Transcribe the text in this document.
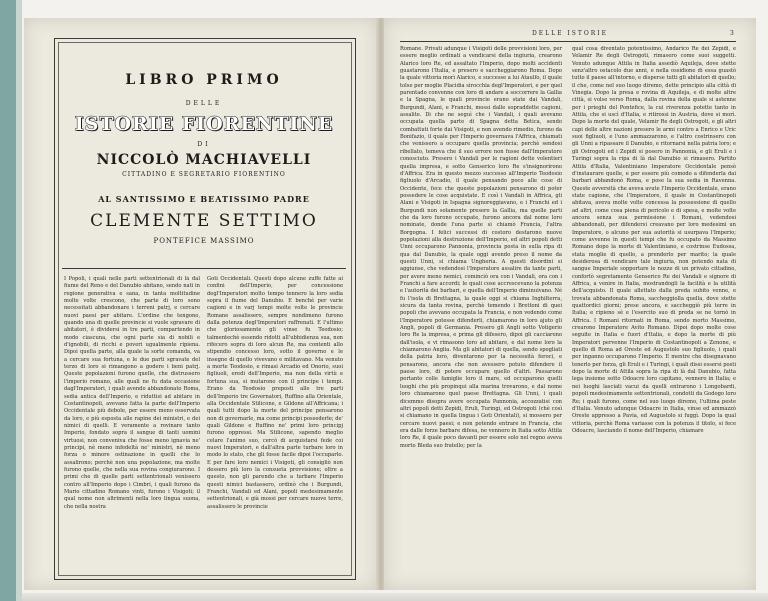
LIBRO PRIMO
DELLE
ISTORIE FIORENTINE
DI
NICCOLÒ MACHIAVELLI
CITTADINO E SEGRETARIO FIORENTINO
AL SANTISSIMO E BEATISSIMO PADRE
CLEMENTE SETTIMO
PONTEFICE MASSIMO

I Popoli, i quali nelle parti settentrionali di là dal fiume del Reno e del Danubio abitano, sendo nati in regione generativa e sana, in tanta moltitudine molte volte crescono, che parte di loro sono necessitati abbandonare i terreni patrj, e cercare nuovi paesi per abitare. L'ordine che tengono, quando una di quelle provincie si vuole sgravare di abitatori, è dividersi in tre parti, compartendo in modo ciascuna, che ogni parte sia di nobili e d'ignobili, di ricchi e poveri ugualmente ripiena. Dipoi quella parte, alla quale la sorte comanda, va a cercare sua fortuna, e le due parti sgravate del terzo di loro si rimangono a godere i beni patrj. Queste popolazioni furono quelle, che distrussero l'imperio romano, alle quali ne fu data occasione dagl'Imperatori, i quali avendo abbandonato Roma, sedia antica dell'Imperio, e riduttisi ad abitare in Costantinopoli, avevano fatta la parte dell'Imperio Occidentale più debole, per essere meno osservata da loro, e più esposta alle rapine dei ministri, e dei nimici di quelli. E veramente a rovinare tanto Imperio, fondato sopra il sangue di tanti uomini virtuosi, non conveniva che fosse meno ignavia ne' principi, nè meno infedeltà ne' ministri, nè meno forza o minore ostinazione in quelli che lo assalirono; perchè non una popolazione, ma molte furono quelle, che nella sua rovina congiurarono. I primi che di quelle parti settentrionali venissero contro all'Imperio dopo i Cimbri, i quali furono da Mario cittadino Romano vinti, furono i Visigoti; il qual nome non altrimenti nella loro lingua suona, che nella nostra

Goti Occidentali. Questi dopo alcune zuffe fatte ai confini dell'Imperio, per concessione degl'Imperatori molto tempo tennero la loro sedia sopra il fiume del Danubio. E benchè per varie cagioni e in varj tempi molte volte le provincie Romane assalissero, sempre nondimeno furono dalla potenza degl'Imperatori raffrenati. E l'ultimo che gloriosamente gli vinse fu Teodosio; talmentechè essendo ridotti all'ubbidienza sua, non rifecero sopra di loro alcun Re, ma contenti allo stipendio concesso loro, sotto il governo e le insegne di quello vivevano e militavano. Ma venuto a morte Teodosio, e rimasi Arcadio ed Onorio, suoi figliuoli, eredi dell'Imperio, ma non della virtù e fortuna sua, si mutarono con il principe i tempi. Erano da Teodosio preposti alle tre parti dell'Imperio tre Governatori, Ruffino alla Orientale, alla Occidentale Stilicone, e Gildone all'Affricana; i quali tutti dopo la morte del principe pensarono non di governarle, ma come principi possederle; de' quali Gildone e Ruffino ne' primi loro principj furono oppressi. Ma Stilicone, sapendo meglio celare l'animo suo, cercò di acquistarsi fede coi nuovi Imperatori, e dall'altra parte turbare loro in modo lo stato, che gli fosse facile dipoi l'occuparlo. E per fare loro nemici i Visigoti, gli consigliò non dessero più loro la consueta provvisione; oltre a questo, non gli parendo che a turbare l'Imperio questi nimici bastassero, ordinò che i Burgundi, Franchi, Vandali ed Alani, popoli medesimamente settentrionali, e già mossi per cercare nuove terre, assalissero le provincie

DELLE ISTORIE	3

Romane. Privati adunque i Visigoti delle provvisioni loro, per essere meglio ordinati a vendicarsi della ingiuria, crearono Alarico loro Re, ed assaltato l'Imperio, dopo molti accidenti guastarono l'Italia, e presero e saccheggiarono Roma. Dopo la quale vittoria morì Alarico, e successe a lui Ataulfo, il quale tolse per moglie Placidia sirocchia degl'Imperatori, e per quel parentado convenne con loro di andare a soccorrere la Gallia e la Spagna, le quali provincie erano state dai Vandali, Burgundi, Alani, e Franchi, mossi dalle sopraddette cagioni, assalite. Di che ne seguì che i Vandali, i quali avevano occupata quella parte di Spagna detta Betica, sendo combattuti forte dai Visigoti, e non avendo rimedio, furono da Bonifazio, il quale per l'Imperio governava l'Affrica, chiamati che venissero a occupare quella provincia; perchè sendosi ribellato, temeva che il suo errore non fusse dall'Imperatore conosciuto. Presero i Vandali per le ragioni dette volentieri quella impresa, e sotto Genserico loro Re s'insignorirono d'Affrica. Era in questo mezzo successo all'Imperio Teodosio figliuolo d'Arcadio, il quale pensando poco alle cose di Occidente, fece che queste popolazioni pensarono di poter possedere le cose acquistate. E così i Vandali in Affrica, gli Alani e Visigoti in Ispagna signoreggiavano, e i Franchi ed i Burgundi non solamente presero la Gallia, ma quelle parti che da loro furono occupate, furono ancora dal nome loro nominate, donde l'una parte si chiamò Francia, l'altra Borgogna. I felici successi di costoro destarono nuove popolazioni alla destruzione dell'Imperio, ed altri popoli detti Unni occuparono Pannonia, provincia posta in sulla ripa di qua dal Danubio, la quale oggi avendo preso il nome da questi Unni, si chiama Ungheria. A questi disordini si aggiunse, che vedendosi l'Imperatore assalire da tante parti, per avere meno nemici, cominciò ora con i Vandali, ora con i Franchi a fare accordi; le quali cose accrescevano la potenza e l'autorità dei barbari, e quella dell'Imperio diminuivano. Nè fu l'isola di Brettagna, la quale oggi si chiama Inghilterra, sicura da tanta rovina, perchè temendo i Brettoni di quei popoli che avevano occupata la Francia, e non vedendo come l'Imperatore potesse difenderli, chiamarono in loro ajuto gli Angli, popoli di Germania. Presero gli Angli sotto Votigerio loro Re la impresa, e prima gli difesero, dipoi gli cacciarono dall'isola, e vi rimasono loro ad abitare, e dal nome loro la chiamarono Anglia. Ma gli abitatori di quella, sendo spogliati della patria loro, diventarono per la necessità feroci, e pensarono, ancora che non avessero potuto difendere il paese loro, di potere occupare quello d'altri. Passarono pertanto colle famiglie loro il mare, ed occuparono quelli luoghi che più propinqui alla marina trovarono, e dal nome loro chiamarono quel paese Brettagna. Gli Unni, i quali dicemmo disopra avere occupata Pannonia, accozzatisi con altri popoli detti Zepidi, Eruli, Turingi, ed Ostrogoti (chè così si chiamano in quella lingua i Goti Orientali), si mossero per cercare nuovi paesi; e non potendo entrare in Francia, che era dalle forze barbare difesa, ne vennero in Italia sotto Attila loro Re, il quale poco davanti per essere solo nel regno aveva morto Bleda suo fratello; per la

qual cosa diventato potentissimo, Andarico Re dei Zepidi, e Velamir Re degli Ostrogoti, rimasero come suoi suggetti. Venuto adunque Attila in Italia assediò Aquileja, dove stette senz'altro ostacolo due anni, e nella ossidione di essa guastò tutto il paese all'intorno, e disperse tutti gli abitatori di quello; il che, come nel suo luogo diremo, dette principio alla città di Vinegia. Dopo la presa e rovina di Aquileja, e di molte altre città, si volse verso Roma, dalla rovina della quale si astenne per i prieghi del Pontefice, la cui riverenza potette tanto in Attila, che si uscì d'Italia, e ritirossi in Austria, dove si morì. Dopo la morte del quale, Velamir Re degli Ostrogoti, e gli altri capi delle altre nazioni presero le armi contro a Enrico e Uric suoi figliuoli, e l'uno ammazzarono, e l'altro costrinsero con gli Unni a ripassare il Danubio, e ritornarsi nella patria loro; e gli Ostrogoti ed i Zepidi si posero in Pannonia, e gli Eruli e i Turingi sopra la ripa di là dal Danubio si rimasero. Partito Attila d'Italia, Valentiniano Imperatore Occidentale pensò d'instaurare quelle, e per essere più comodo a difenderla dai barbari abbandonò Roma, e pose la sua sedia in Ravenna. Queste avversità che aveva avute l'Imperio Occidentale, erano state cagione, che l'Imperatore, il quale in Costantinopoli abitava, aveva molte volte concessa la possessione di quello ad altri, come cosa piena di pericolo e di spesa, e molte volte ancora senza sua permissione i Romani, vedendosi abbandonati, per difendersi creavano per loro medesimi un Imperatore, o alcuno per sua autorità si usurpava l'Imperio; come avvenne in questi tempi che fu occupato da Massimo Romano dopo la morte di Valentiniano, e costrinse Eudossa, stata moglie di quello, a prenderlo per marito; la quale desiderosa di vendicare tale ingiuria, non potendo nata di sangue Imperiale sopportare le nozze di un privato cittadino, confortò segretamente Genserico Re dei Vandali e signore di Affrica, a venire in Italia, mostrandogli la facilità e la utilità dell'acquisto. Il quale allettato dalla preda subito venne, e trovata abbandonata Roma, saccheggiolla quella, dove stette quattordici giorni; prese ancora, e saccheggiò più terre in Italia; e ripieno sè e l'esercito suo di preda se ne tornò in Affrica. I Romani ritornati in Roma, sendo morto Massimo, crearono Imperatore Avito Romano. Dipoi dopo molte cose seguite in Italia e fuori d'Italia, e dopo la morte di più Imperatori pervenne l'Imperio di Costantinopoli a Zenone, e quello di Roma ad Oreste ed Augustolo suo figliuolo, i quali per inganno occuparono l'Imperio. E mentre che disegnavano tenerlo per forza, gli Eruli e i Turingi, i quali dissi essersi posti dopo la morte di Attila sopra la ripa di là dal Danubio, fatta lega insieme sotto Odoacre loro capitano, vennero in Italia; e nei luoghi lasciati vacui da quelli entrarono i Longobardi, popoli medesimamente settentrionali, condotti da Godogo loro Re; i quali furono, come nel suo luogo diremo, l'ultima peste d'Italia. Venuto adunque Odoacre in Italia, vinse ed ammazzò Oreste appresso a Pavia, ed Augustolo si fuggì. Dopo la qual vittoria, perchè Roma variasse con la potenza il titolo, si fece Odoacre, lasciando il nome dell'Imperio, chiamare
